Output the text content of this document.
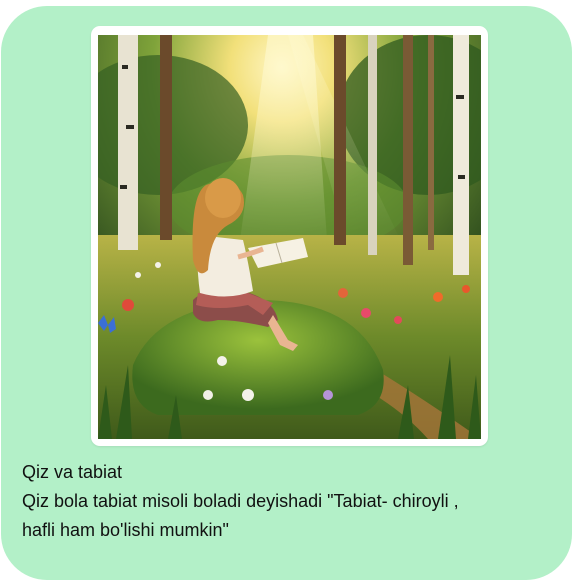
Qiz va tabiat
Qiz bola tabiat misoli boladi deyishadi "Tabiat- chiroyli ,
hafli ham bo'lishi mumkin"
